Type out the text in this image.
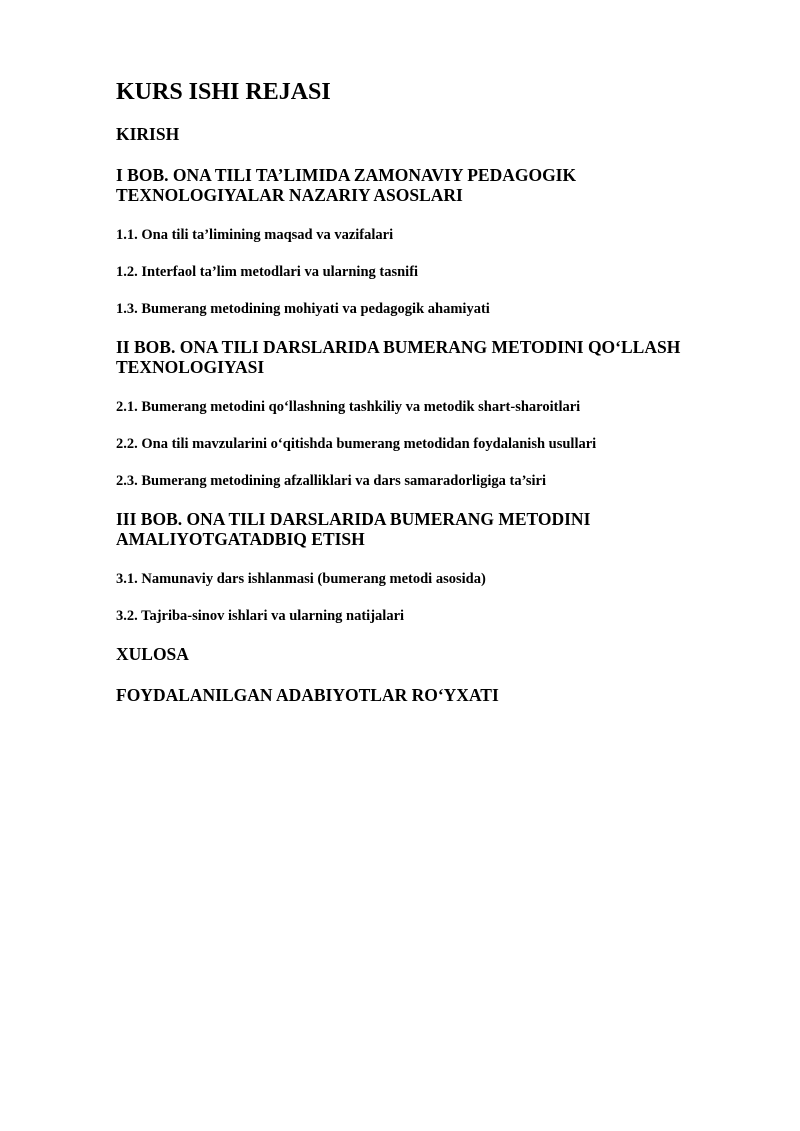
KURS ISHI REJASI
KIRISH
I BOB. ONA TILI TA’LIMIDA ZAMONAVIY PEDAGOGIK TEXNOLOGIYALAR NAZARIY ASOSLARI
1.1. Ona tili ta’limining maqsad va vazifalari
1.2. Interfaol ta’lim metodlari va ularning tasnifi
1.3. Bumerang metodining mohiyati va pedagogik ahamiyati
II BOB. ONA TILI DARSLARIDA BUMERANG METODINI QO‘LLASH TEXNOLOGIYASI
2.1. Bumerang metodini qo‘llashning tashkiliy va metodik shart-sharoitlari
2.2. Ona tili mavzularini o‘qitishda bumerang metodidan foydalanish usullari
2.3. Bumerang metodining afzalliklari va dars samaradorligiga ta’siri
III BOB. ONA TILI DARSLARIDA BUMERANG METODINI AMALIYOTGATADBIQ ETISH
3.1. Namunaviy dars ishlanmasi (bumerang metodi asosida)
3.2. Tajriba-sinov ishlari va ularning natijalari
XULOSA
FOYDALANILGAN ADABIYOTLAR RO‘YXATI
